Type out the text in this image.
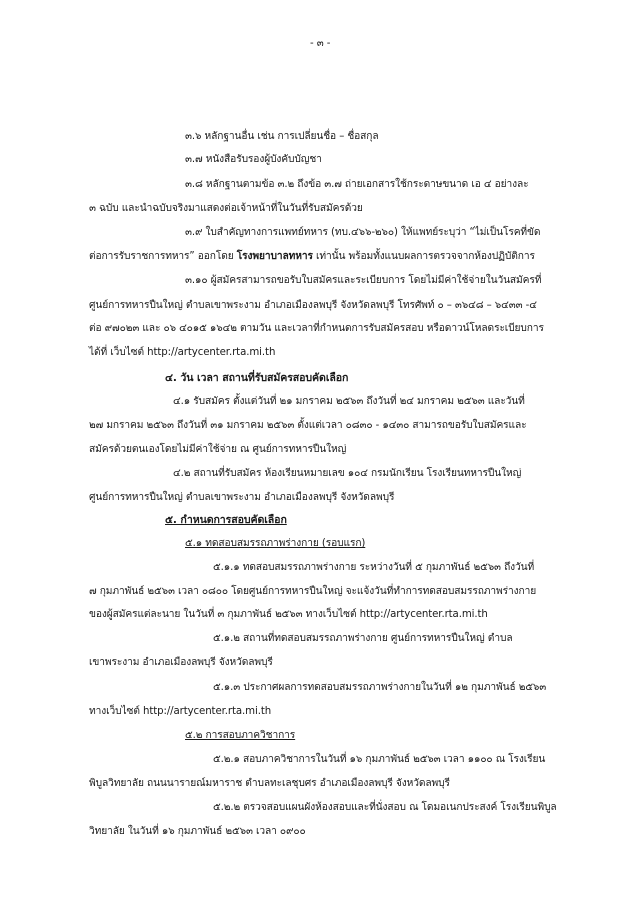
- ๓ -
๓.๖ หลักฐานอื่น เช่น การเปลี่ยนชื่อ – ชื่อสกุล
๓.๗ หนังสือรับรองผู้บังคับบัญชา
๓.๘ หลักฐานตามข้อ ๓.๒ ถึงข้อ ๓.๗ ถ่ายเอกสารใช้กระดาษขนาด เอ ๔ อย่างละ
๓ ฉบับ และนำฉบับจริงมาแสดงต่อเจ้าหน้าที่ในวันที่รับสมัครด้วย
๓.๙ ใบสำคัญทางการแพทย์ทหาร (ทบ.๔๖๖-๒๖๐) ให้แพทย์ระบุว่า “ไม่เป็นโรคที่ขัด
ต่อการรับราชการทหาร” ออกโดย โรงพยาบาลทหาร เท่านั้น พร้อมทั้งแนบผลการตรวจจากห้องปฏิบัติการ
๓.๑๐ ผู้สมัครสามารถขอรับใบสมัครและระเบียบการ โดยไม่มีค่าใช้จ่ายในวันสมัครที่
ศูนย์การทหารปืนใหญ่ ตำบลเขาพระงาม อำเภอเมืองลพบุรี จังหวัดลพบุรี โทรศัพท์ ๐ – ๓๖๔๘ – ๖๔๓๓ -๔
ต่อ ๙๗๐๒๓ และ ๐๖ ๔๐๑๕ ๑๖๔๒ ตามวัน และเวลาที่กำหนดการรับสมัครสอบ หรือดาวน์โหลดระเบียบการ
ได้ที่ เว็บไซต์ http://artycenter.rta.mi.th
๔. วัน เวลา สถานที่รับสมัครสอบคัดเลือก
๔.๑ รับสมัคร ตั้งแต่วันที่ ๒๑ มกราคม ๒๕๖๓ ถึงวันที่ ๒๔ มกราคม ๒๕๖๓ และวันที่
๒๗ มกราคม ๒๕๖๓ ถึงวันที่ ๓๑ มกราคม ๒๕๖๓ ตั้งแต่เวลา ๐๘๓๐ - ๑๔๓๐ สามารถขอรับใบสมัครและ
สมัครด้วยตนเองโดยไม่มีค่าใช้จ่าย ณ ศูนย์การทหารปืนใหญ่
๔.๒ สถานที่รับสมัคร ห้องเรียนหมายเลข ๑๐๔ กรมนักเรียน โรงเรียนทหารปืนใหญ่
ศูนย์การทหารปืนใหญ่ ตำบลเขาพระงาม อำเภอเมืองลพบุรี จังหวัดลพบุรี
๕. กำหนดการสอบคัดเลือก
๕.๑ ทดสอบสมรรถภาพร่างกาย (รอบแรก)
๕.๑.๑ ทดสอบสมรรถภาพร่างกาย ระหว่างวันที่ ๕ กุมภาพันธ์ ๒๕๖๓ ถึงวันที่
๗ กุมภาพันธ์ ๒๕๖๓ เวลา ๐๘๐๐ โดยศูนย์การทหารปืนใหญ่ จะแจ้งวันที่ทำการทดสอบสมรรถภาพร่างกาย
ของผู้สมัครแต่ละนาย ในวันที่ ๓ กุมภาพันธ์ ๒๕๖๓ ทางเว็บไซต์ http://artycenter.rta.mi.th
๕.๑.๒ สถานที่ทดสอบสมรรถภาพร่างกาย ศูนย์การทหารปืนใหญ่ ตำบล
เขาพระงาม อำเภอเมืองลพบุรี จังหวัดลพบุรี
๕.๑.๓ ประกาศผลการทดสอบสมรรถภาพร่างกายในวันที่ ๑๒ กุมภาพันธ์ ๒๕๖๓
ทางเว็บไซต์ http://artycenter.rta.mi.th
๕.๒ การสอบภาควิชาการ
๕.๒.๑ สอบภาควิชาการในวันที่ ๑๖ กุมภาพันธ์ ๒๕๖๓ เวลา ๑๑๐๐ ณ โรงเรียน
พิบูลวิทยาลัย ถนนนารายณ์มหาราช ตำบลทะเลชุบศร อำเภอเมืองลพบุรี จังหวัดลพบุรี
๕.๒.๒ ตรวจสอบแผนผังห้องสอบและที่นั่งสอบ ณ โดมอเนกประสงค์ โรงเรียนพิบูล
วิทยาลัย ในวันที่ ๑๖ กุมภาพันธ์ ๒๕๖๓ เวลา ๐๙๐๐
